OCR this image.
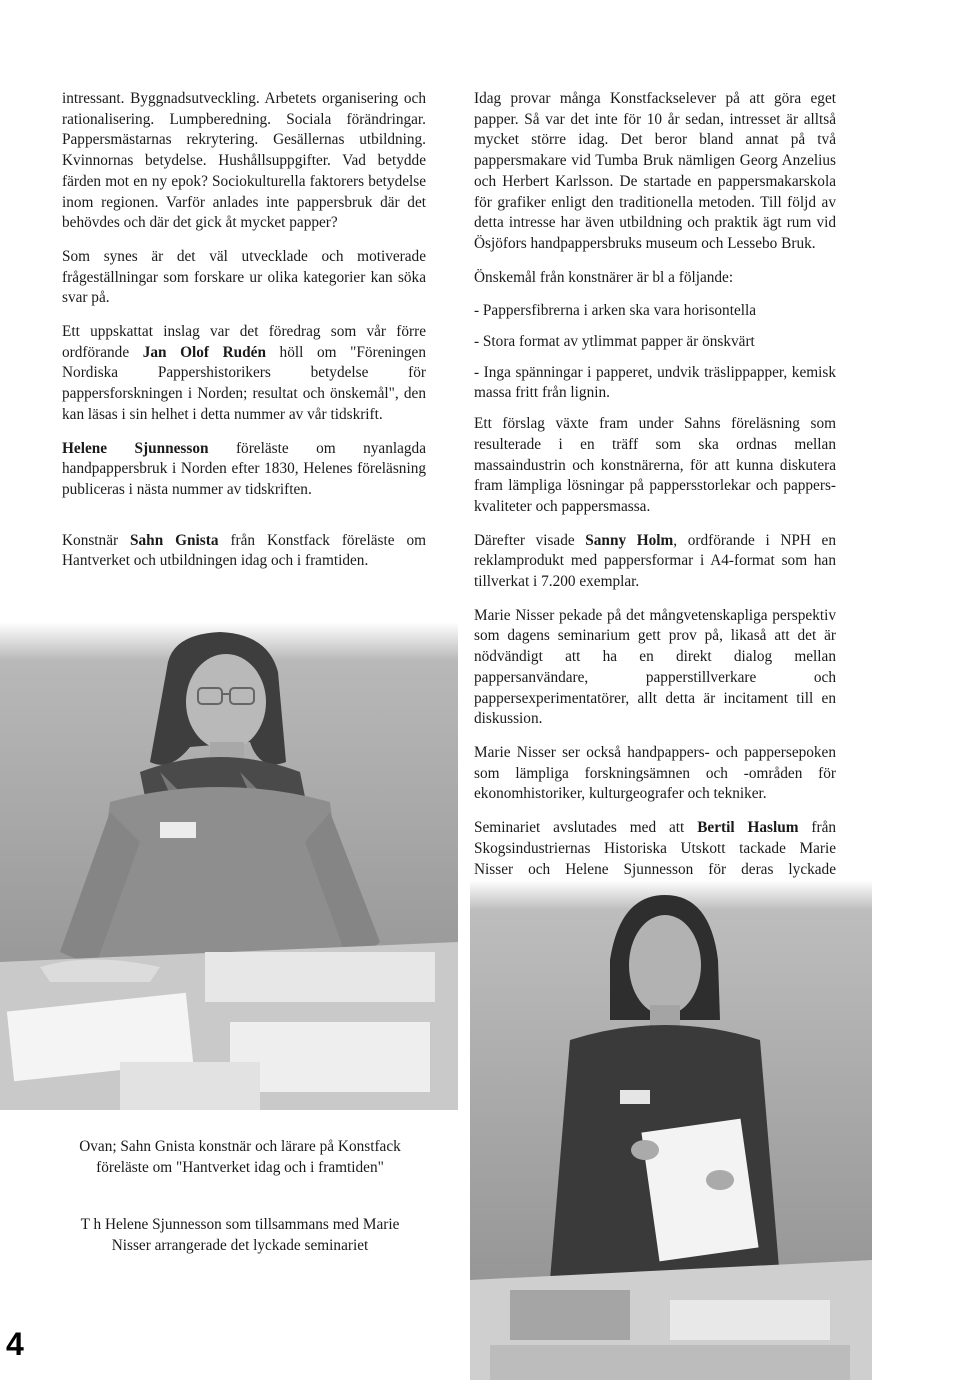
intressant. Byggnadsutveckling. Arbetets organisering och rationalisering. Lumpberedning. Sociala förändringar. Pappersmästarnas rekrytering. Gesällernas utbildning. Kvinnornas betydelse. Hushållsuppgifter. Vad betydde färden mot en ny epok? Sociokulturella faktorers betydelse inom regionen. Varför anlades inte pappersbruk där det behövdes och där det gick åt mycket papper?

Som synes är det väl utvecklade och motiverade frågeställningar som forskare ur olika kategorier kan söka svar på.

Ett uppskattat inslag var det föredrag som vår förre ordförande Jan Olof Rudén höll om "Föreningen Nordiska Pappershistorikers betydelse för pappersforskningen i Norden; resultat och önskemål", den kan läsas i sin helhet i detta nummer av vår tidskrift.

Helene Sjunnesson föreläste om nyanlagda handpappersbruk i Norden efter 1830, Helenes föreläsning publiceras i nästa nummer av tidskriften.

Konstnär Sahn Gnista från Konstfack föreläste om Hantverket och utbildningen idag och i framtiden.

Idag provar många Konstfackselever på att göra eget papper. Så var det inte för 10 år sedan, intresset är alltså mycket större idag. Det beror bland annat på två pappersmakare vid Tumba Bruk nämligen Georg Anzelius och Herbert Karlsson. De startade en pappersmakarskola för grafiker enligt den traditionella metoden. Till följd av detta intresse har även utbildning och praktik ägt rum vid Ösjöfors handpappersbruks museum och Lessebo Bruk.

Önskemål från konstnärer är bl a följande:

- Pappersfibrerna i arken ska vara horisontella

- Stora format av ytlimmat papper är önskvärt

- Inga spänningar i papperet, undvik träslippapper, kemisk massa fritt från lignin.

Ett förslag växte fram under Sahns föreläsning som resulterade i en träff som ska ordnas mellan massaindustrin och konstnärerna, för att kunna diskutera fram lämpliga lösningar på pappersstorlekar och pappers-kvaliteter och pappersmassa.

Därefter visade Sanny Holm, ordförande i NPH en reklamprodukt med pappersformar i A4-format som han tillverkat i 7.200 exemplar.

Marie Nisser pekade på det mångvetenskapliga perspektiv som dagens seminarium gett prov på, likaså att det är nödvändigt att ha en direkt dialog mellan pappersanvändare, papperstillverkare och pappersexperimentatörer, allt detta är incitament till en diskussion.

Marie Nisser ser också handpappers- och pappersepoken som lämpliga forskningsämnen och -områden för ekonomhistoriker, kulturgeografer och tekniker.

Seminariet avslutades med att Bertil Haslum från Skogsindustriernas Historiska Utskott tackade Marie Nisser och Helene Sjunnesson för deras lyckade

Ovan; Sahn Gnista konstnär och lärare på Konstfack
föreläste om "Hantverket idag och i framtiden"
T h Helene Sjunnesson som tillsammans med Marie
Nisser arrangerade det lyckade seminariet
4
